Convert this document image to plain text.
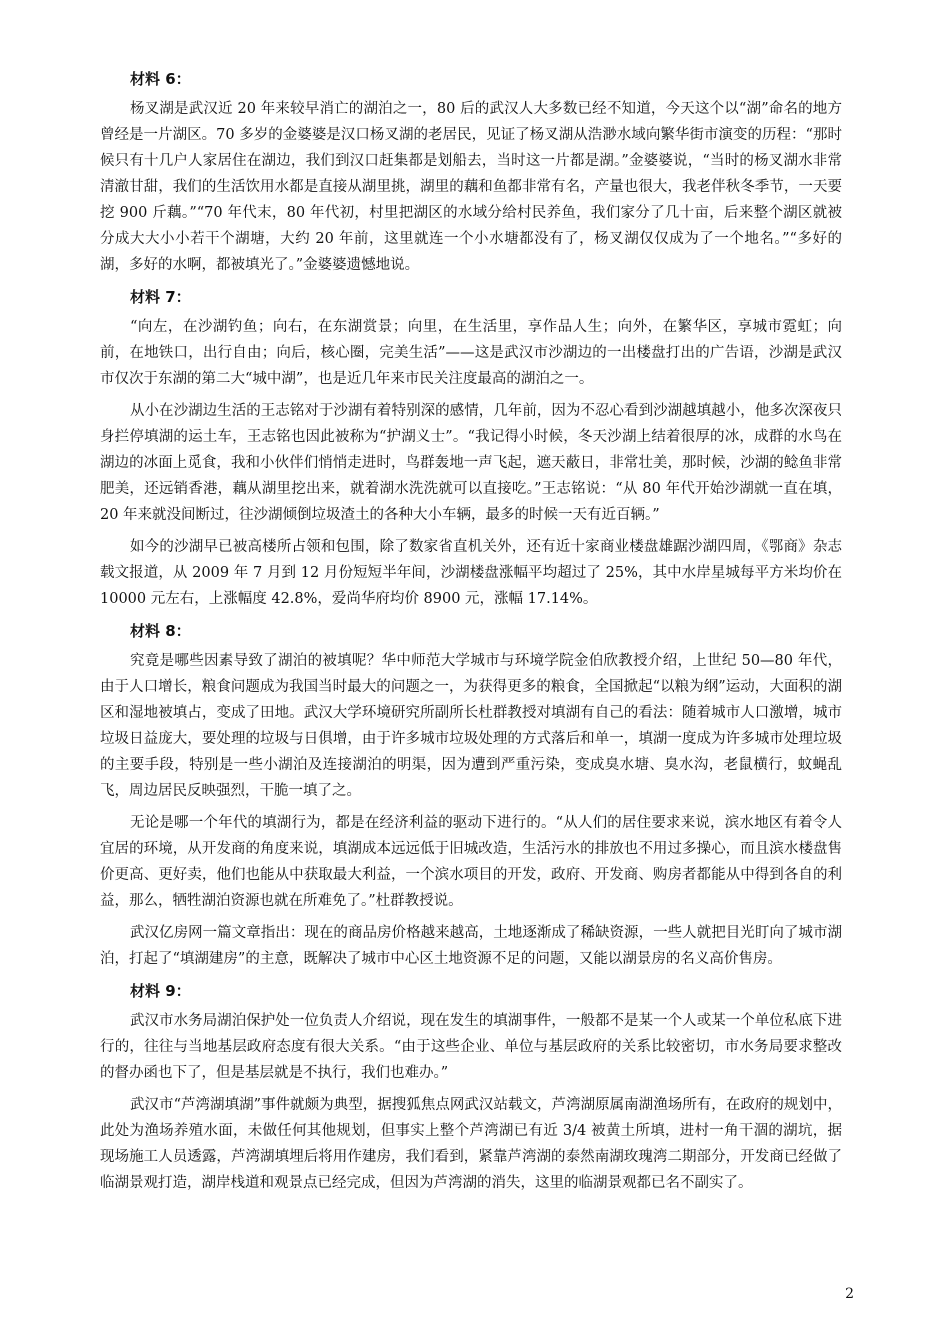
材料 6：

杨叉湖是武汉近 20 年来较早消亡的湖泊之一，80 后的武汉人大多数已经不知道，今天这个以“湖”命名的地方曾经是一片湖区。70 多岁的金婆婆是汉口杨叉湖的老居民，见证了杨叉湖从浩渺水域向繁华街市演变的历程：“那时候只有十几户人家居住在湖边，我们到汉口赶集都是划船去，当时这一片都是湖。”金婆婆说，“当时的杨叉湖水非常清澈甘甜，我们的生活饮用水都是直接从湖里挑，湖里的藕和鱼都非常有名，产量也很大，我老伴秋冬季节，一天要挖 900 斤藕。”“70 年代末，80 年代初，村里把湖区的水域分给村民养鱼，我们家分了几十亩，后来整个湖区就被分成大大小小若干个湖塘，大约 20 年前，这里就连一个小水塘都没有了，杨叉湖仅仅成为了一个地名。”“多好的湖，多好的水啊，都被填光了。”金婆婆遗憾地说。

材料 7：

“向左，在沙湖钓鱼；向右，在东湖赏景；向里，在生活里，享作品人生；向外，在繁华区，享城市霓虹；向前，在地铁口，出行自由；向后，核心圈，完美生活”——这是武汉市沙湖边的一出楼盘打出的广告语，沙湖是武汉市仅次于东湖的第二大“城中湖”，也是近几年来市民关注度最高的湖泊之一。

从小在沙湖边生活的王志铭对于沙湖有着特别深的感情，几年前，因为不忍心看到沙湖越填越小，他多次深夜只身拦停填湖的运土车，王志铭也因此被称为“护湖义士”。“我记得小时候，冬天沙湖上结着很厚的冰，成群的水鸟在湖边的冰面上觅食，我和小伙伴们悄悄走进时，鸟群轰地一声飞起，遮天蔽日，非常壮美，那时候，沙湖的鲶鱼非常肥美，还远销香港，藕从湖里挖出来，就着湖水洗洗就可以直接吃。”王志铭说：“从 80 年代开始沙湖就一直在填，20 年来就没间断过，往沙湖倾倒垃圾渣土的各种大小车辆，最多的时候一天有近百辆。”

如今的沙湖早已被高楼所占领和包围，除了数家省直机关外，还有近十家商业楼盘雄踞沙湖四周，《鄂商》杂志载文报道，从 2009 年 7 月到 12 月份短短半年间，沙湖楼盘涨幅平均超过了 25%，其中水岸星城每平方米均价在 10000 元左右，上涨幅度 42.8%，爱尚华府均价 8900 元，涨幅 17.14%。

材料 8：

究竟是哪些因素导致了湖泊的被填呢？华中师范大学城市与环境学院金伯欣教授介绍，上世纪 50—80 年代，由于人口增长，粮食问题成为我国当时最大的问题之一，为获得更多的粮食，全国掀起“以粮为纲”运动，大面积的湖区和湿地被填占，变成了田地。武汉大学环境研究所副所长杜群教授对填湖有自己的看法：随着城市人口激增，城市垃圾日益庞大，要处理的垃圾与日俱增，由于许多城市垃圾处理的方式落后和单一，填湖一度成为许多城市处理垃圾的主要手段，特别是一些小湖泊及连接湖泊的明渠，因为遭到严重污染，变成臭水塘、臭水沟，老鼠横行，蚊蝇乱飞，周边居民反映强烈，干脆一填了之。

无论是哪一个年代的填湖行为，都是在经济利益的驱动下进行的。“从人们的居住要求来说，滨水地区有着令人宜居的环境，从开发商的角度来说，填湖成本远远低于旧城改造，生活污水的排放也不用过多操心，而且滨水楼盘售价更高、更好卖，他们也能从中获取最大利益，一个滨水项目的开发，政府、开发商、购房者都能从中得到各自的利益，那么，牺牲湖泊资源也就在所难免了。”杜群教授说。

武汉亿房网一篇文章指出：现在的商品房价格越来越高，土地逐渐成了稀缺资源，一些人就把目光盯向了城市湖泊，打起了“填湖建房”的主意，既解决了城市中心区土地资源不足的问题，又能以湖景房的名义高价售房。

材料 9：

武汉市水务局湖泊保护处一位负责人介绍说，现在发生的填湖事件，一般都不是某一个人或某一个单位私底下进行的，往往与当地基层政府态度有很大关系。“由于这些企业、单位与基层政府的关系比较密切，市水务局要求整改的督办函也下了，但是基层就是不执行，我们也难办。”

武汉市“芦湾湖填湖”事件就颇为典型，据搜狐焦点网武汉站载文，芦湾湖原属南湖渔场所有，在政府的规划中，此处为渔场养殖水面，未做任何其他规划，但事实上整个芦湾湖已有近 3/4 被黄土所填，进村一角干涸的湖坑，据现场施工人员透露，芦湾湖填埋后将用作建房，我们看到，紧靠芦湾湖的泰然南湖玫瑰湾二期部分，开发商已经做了临湖景观打造，湖岸栈道和观景点已经完成，但因为芦湾湖的消失，这里的临湖景观都已名不副实了。

2
